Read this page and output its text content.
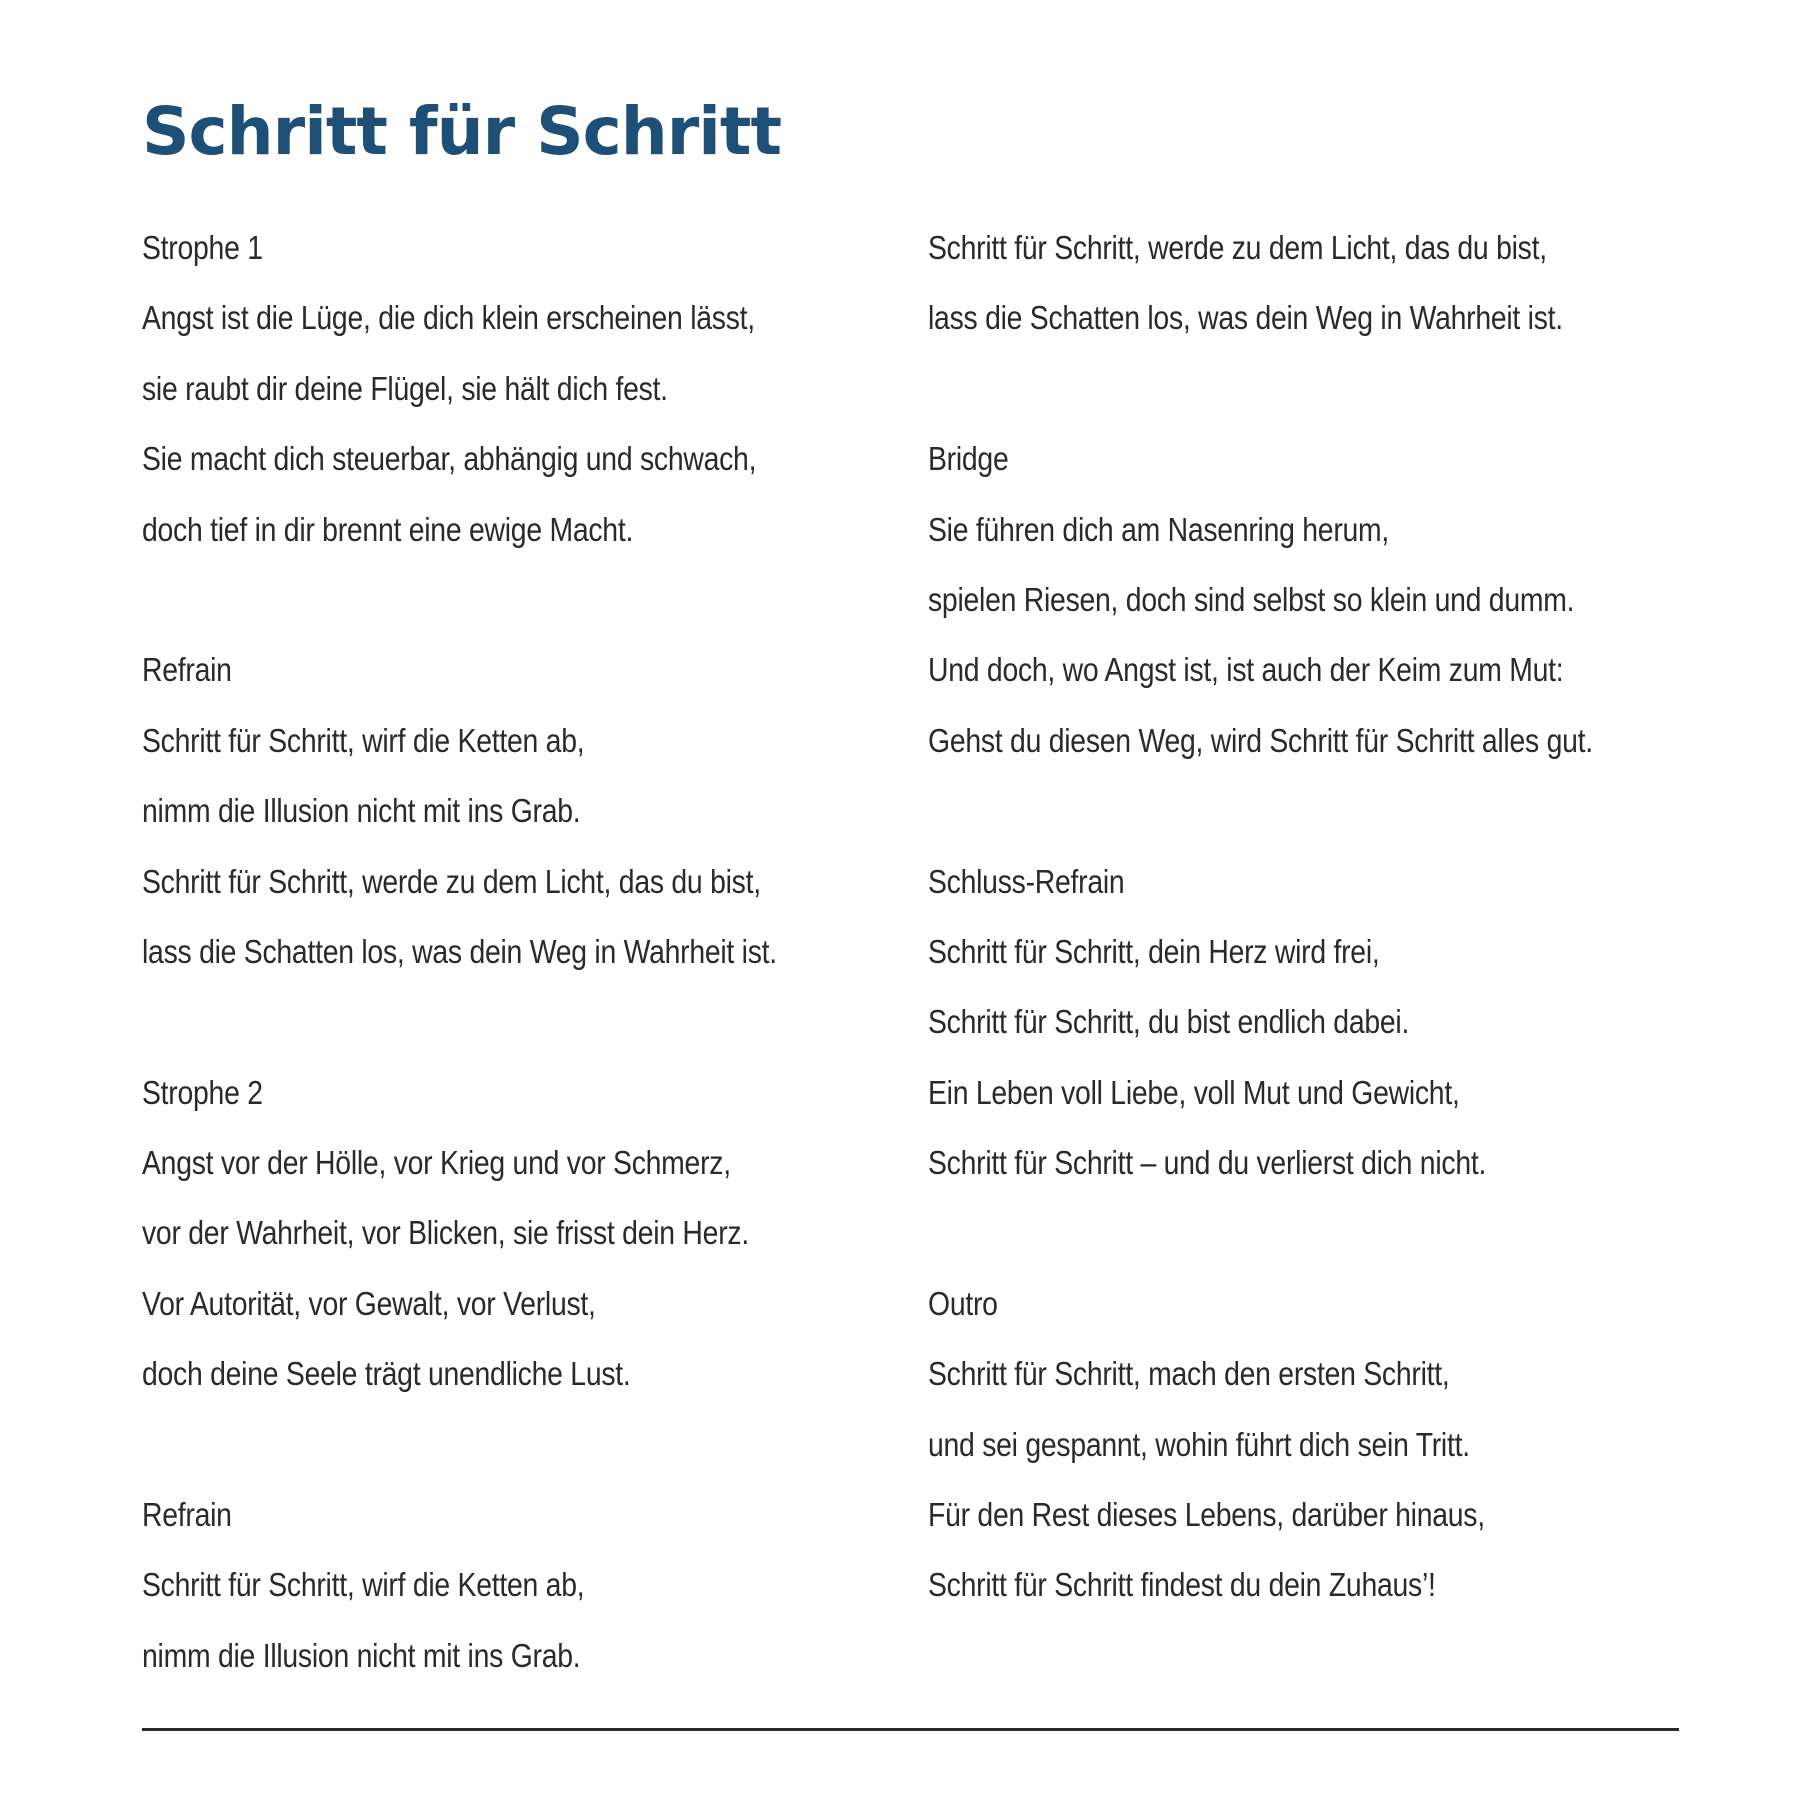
Schritt für Schritt
Strophe 1
Angst ist die Lüge, die dich klein erscheinen lässt,
sie raubt dir deine Flügel, sie hält dich fest.
Sie macht dich steuerbar, abhängig und schwach,
doch tief in dir brennt eine ewige Macht.
Refrain
Schritt für Schritt, wirf die Ketten ab,
nimm die Illusion nicht mit ins Grab.
Schritt für Schritt, werde zu dem Licht, das du bist,
lass die Schatten los, was dein Weg in Wahrheit ist.
Strophe 2
Angst vor der Hölle, vor Krieg und vor Schmerz,
vor der Wahrheit, vor Blicken, sie frisst dein Herz.
Vor Autorität, vor Gewalt, vor Verlust,
doch deine Seele trägt unendliche Lust.
Refrain
Schritt für Schritt, wirf die Ketten ab,
nimm die Illusion nicht mit ins Grab.
Schritt für Schritt, werde zu dem Licht, das du bist,
lass die Schatten los, was dein Weg in Wahrheit ist.
Bridge
Sie führen dich am Nasenring herum,
spielen Riesen, doch sind selbst so klein und dumm.
Und doch, wo Angst ist, ist auch der Keim zum Mut:
Gehst du diesen Weg, wird Schritt für Schritt alles gut.
Schluss-Refrain
Schritt für Schritt, dein Herz wird frei,
Schritt für Schritt, du bist endlich dabei.
Ein Leben voll Liebe, voll Mut und Gewicht,
Schritt für Schritt – und du verlierst dich nicht.
Outro
Schritt für Schritt, mach den ersten Schritt,
und sei gespannt, wohin führt dich sein Tritt.
Für den Rest dieses Lebens, darüber hinaus,
Schritt für Schritt findest du dein Zuhaus’!
